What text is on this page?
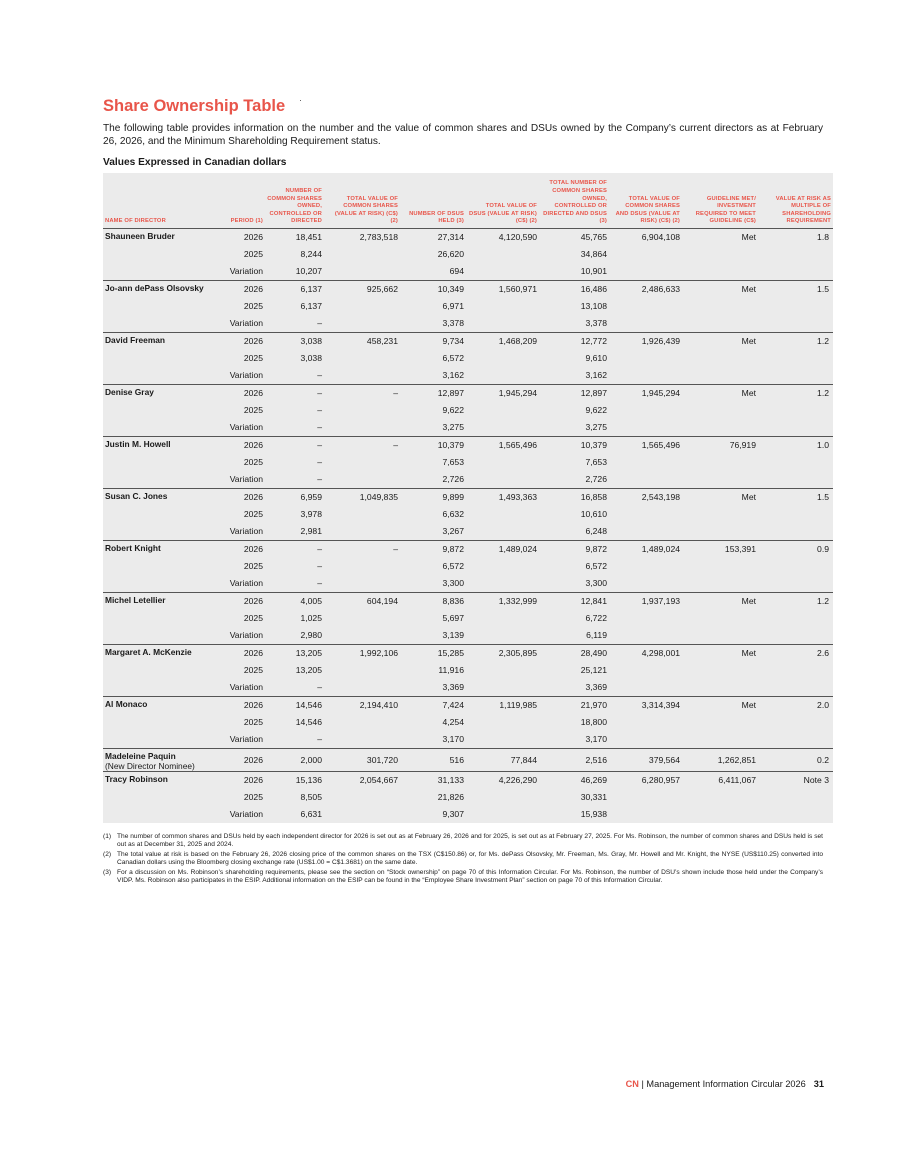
Share Ownership Table

The following table provides information on the number and the value of common shares and DSUs owned by the Company’s current directors as at February 26, 2026, and the Minimum Shareholding Requirement status.

Values Expressed in Canadian dollars
NAME OF DIRECTOR	PERIOD (1)	NUMBER OF COMMON SHARES OWNED, CONTROLLED OR DIRECTED	TOTAL VALUE OF COMMON SHARES (VALUE AT RISK) (C$) (2)	NUMBER OF DSUS HELD (3)	TOTAL VALUE OF DSUS (VALUE AT RISK) (C$) (2)	TOTAL NUMBER OF COMMON SHARES OWNED, CONTROLLED OR DIRECTED AND DSUS (3)	TOTAL VALUE OF COMMON SHARES AND DSUS (VALUE AT RISK) (C$) (2)	GUIDELINE MET/ INVESTMENT REQUIRED TO MEET GUIDELINE (C$)	VALUE AT RISK AS MULTIPLE OF SHAREHOLDING REQUIREMENT
Shauneen Bruder	2026	18,451	2,783,518	27,314	4,120,590	45,765	6,904,108	Met	1.8
	2025	8,244		26,620		34,864			
	Variation	10,207		694		10,901			
Jo-ann dePass Olsovsky	2026	6,137	925,662	10,349	1,560,971	16,486	2,486,633	Met	1.5
	2025	6,137		6,971		13,108			
	Variation	–		3,378		3,378			
David Freeman	2026	3,038	458,231	9,734	1,468,209	12,772	1,926,439	Met	1.2
	2025	3,038		6,572		9,610			
	Variation	–		3,162		3,162			
Denise Gray	2026	–	–	12,897	1,945,294	12,897	1,945,294	Met	1.2
	2025	–		9,622		9,622			
	Variation	–		3,275		3,275			
Justin M. Howell	2026	–	–	10,379	1,565,496	10,379	1,565,496	76,919	1.0
	2025	–		7,653		7,653			
	Variation	–		2,726		2,726			
Susan C. Jones	2026	6,959	1,049,835	9,899	1,493,363	16,858	2,543,198	Met	1.5
	2025	3,978		6,632		10,610			
	Variation	2,981		3,267		6,248			
Robert Knight	2026	–	–	9,872	1,489,024	9,872	1,489,024	153,391	0.9
	2025	–		6,572		6,572			
	Variation	–		3,300		3,300			
Michel Letellier	2026	4,005	604,194	8,836	1,332,999	12,841	1,937,193	Met	1.2
	2025	1,025		5,697		6,722			
	Variation	2,980		3,139		6,119			
Margaret A. McKenzie	2026	13,205	1,992,106	15,285	2,305,895	28,490	4,298,001	Met	2.6
	2025	13,205		11,916		25,121			
	Variation	–		3,369		3,369			
Al Monaco	2026	14,546	2,194,410	7,424	1,119,985	21,970	3,314,394	Met	2.0
	2025	14,546		4,254		18,800			
	Variation	–		3,170		3,170			
Madeleine Paquin
(New Director Nominee)	2026	2,000	301,720	516	77,844	2,516	379,564	1,262,851	0.2
Tracy Robinson	2026	15,136	2,054,667	31,133	4,226,290	46,269	6,280,957	6,411,067	Note 3
	2025	8,505		21,826		30,331			
	Variation	6,631		9,307		15,938			
(1) The number of common shares and DSUs held by each independent director for 2026 is set out as at February 26, 2026 and for 2025, is set out as at February 27, 2025. For Ms. Robinson, the number of common shares and DSUs held is set out as at December 31, 2025 and 2024.
(2) The total value at risk is based on the February 26, 2026 closing price of the common shares on the TSX (C$150.86) or, for Ms. dePass Olsovsky, Mr. Freeman, Ms. Gray, Mr. Howell and Mr. Knight, the NYSE (US$110.25) converted into Canadian dollars using the Bloomberg closing exchange rate (US$1.00 = C$1.3681) on the same date.
(3) For a discussion on Ms. Robinson’s shareholding requirements, please see the section on “Stock ownership” on page 70 of this Information Circular. For Ms. Robinson, the number of DSU’s shown include those held under the Company’s VIDP. Ms. Robinson also participates in the ESIP. Additional information on the ESIP can be found in the “Employee Share Investment Plan” section on page 70 of this Information Circular.
CN | Management Information Circular 2026 31
